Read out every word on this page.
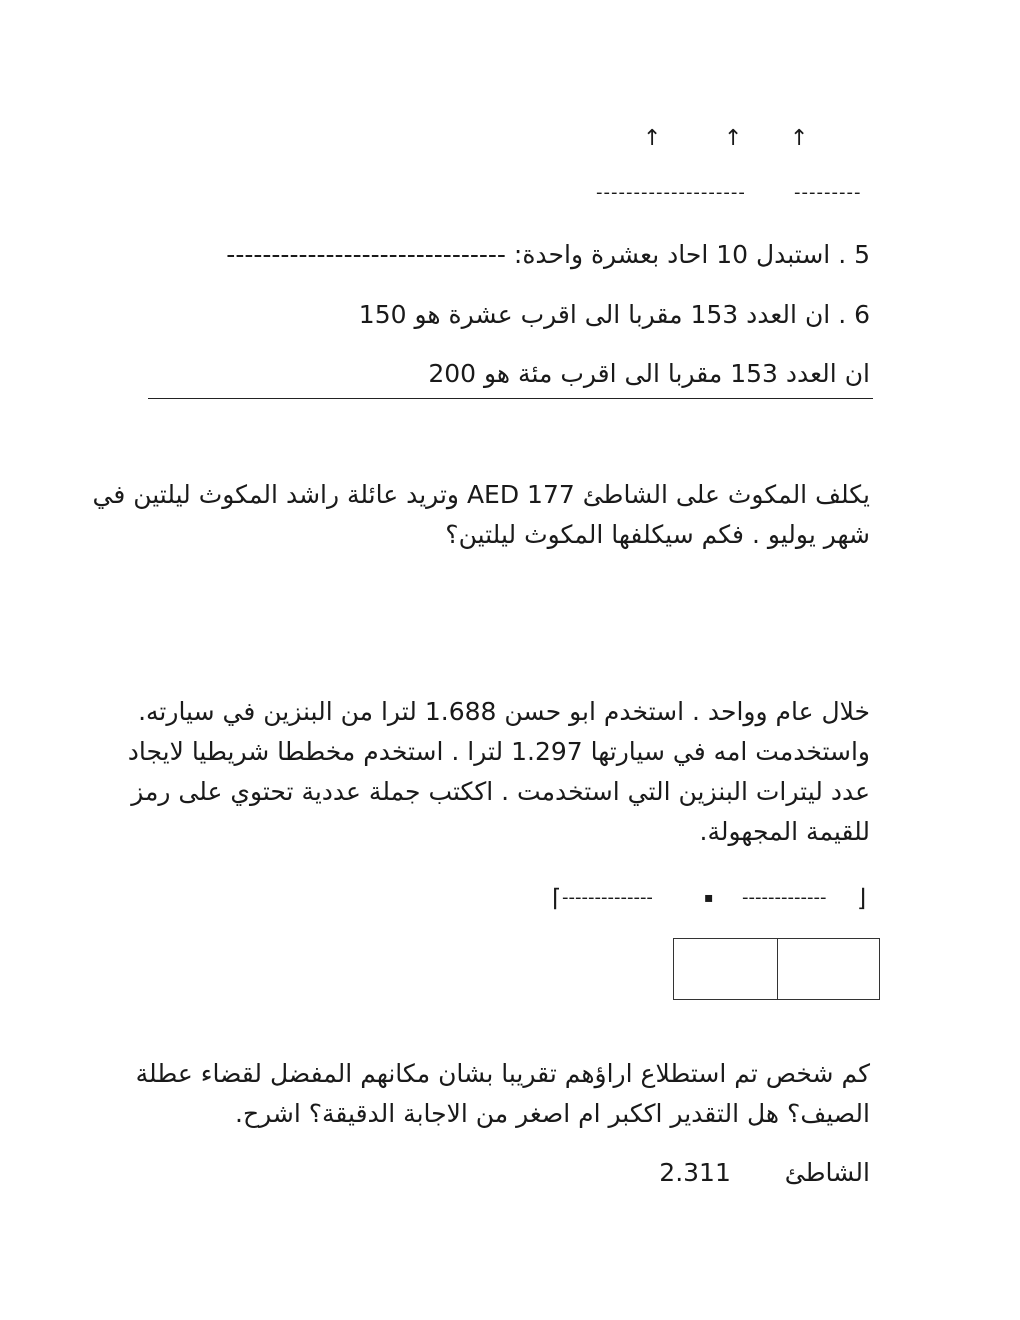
↑	↑ ↑
--------------------	---------
5 . استبدل 10 احاد بعشرة واحدة: -------------------------------
6 . ان العدد 153 مقربا الى اقرب عشرة هو 150
ان العدد 153 مقربا الى اقرب مئة هو 200
يكلف المكوث على الشاطئ AED 177 وتريد عائلة راشد المكوث ليلتين في
شهر يوليو . فكم سيكلفها المكوث ليلتين؟
خلال عام وواحد . استخدم ابو حسن 1.688 لترا من البنزين في سيارته.
واستخدمت امه في سيارتها 1.297 لترا . استخدم مخططا شريطيا لايجاد
عدد ليترات البنزين التي استخدمت . اككتب جملة عددية تحتوي على رمز
للقيمة المجهولة.
⌈ --------------	▪ ------------- ⌋
كم شخص تم استطلاع اراؤهم تقريبا بشان مكانهم المفضل لقضاء عطلة
الصيف؟ هل التقدير اككبر ام اصغر من الاجابة الدقيقة؟ اشرح.
الشاطئ  2.311
